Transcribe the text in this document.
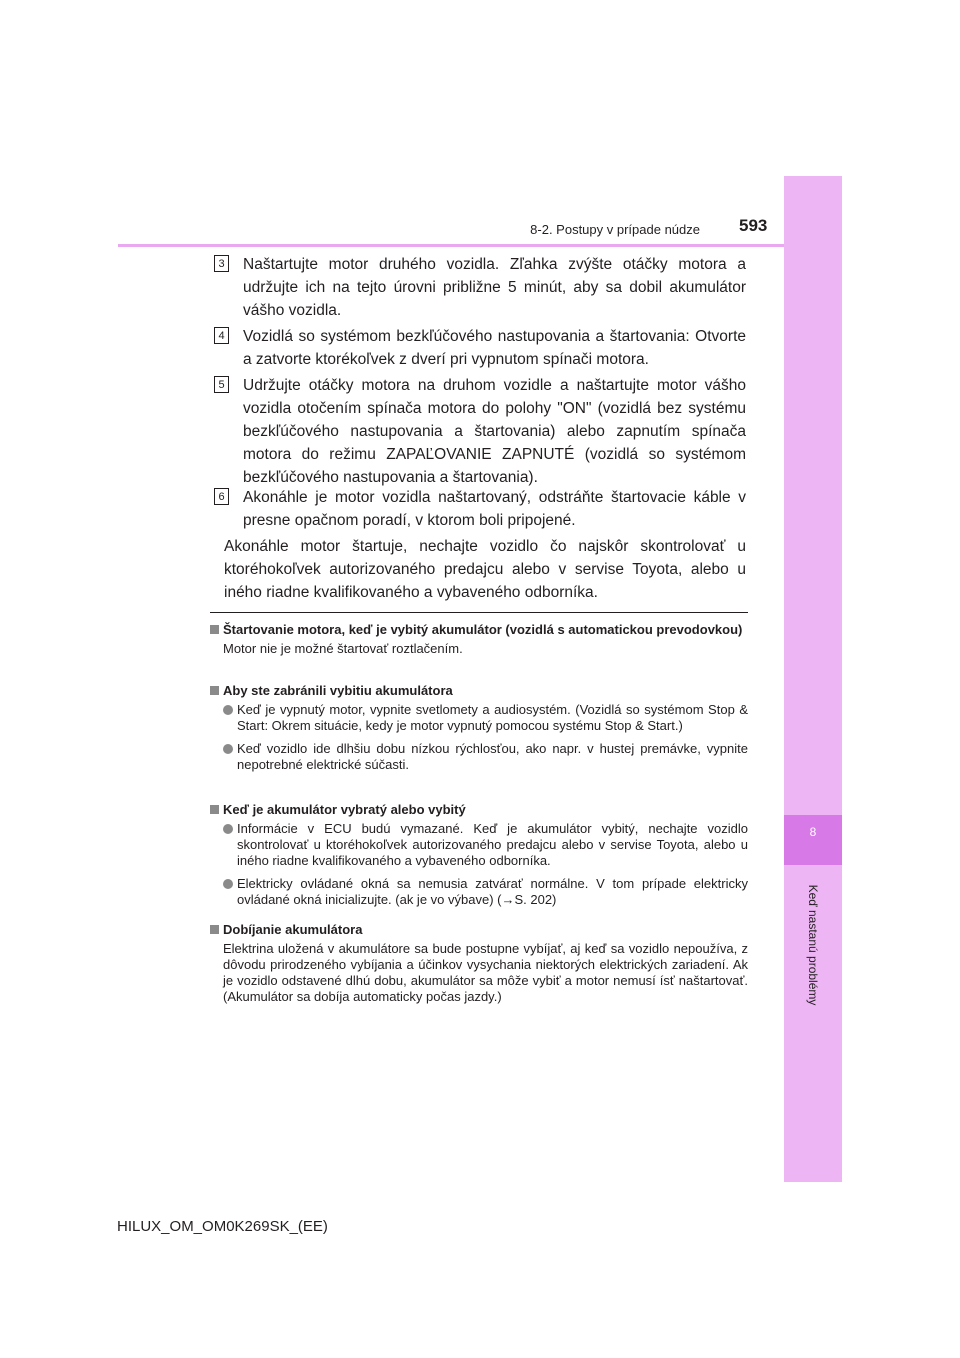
8
Keď nastanú problémy
8-2. Postupy v prípade núdze 593
3 Naštartujte motor druhého vozidla. Zľahka zvýšte otáčky motora a udržujte ich na tejto úrovni približne 5 minút, aby sa dobil akumulátor vášho vozidla.
4 Vozidlá so systémom bezkľúčového nastupovania a štartovania: Otvorte a zatvorte ktorékoľvek z dverí pri vypnutom spínači motora.
5 Udržujte otáčky motora na druhom vozidle a naštartujte motor vášho vozidla otočením spínača motora do polohy "ON" (vozidlá bez systému bezkľúčového nastupovania a štartovania) alebo zapnutím spínača motora do režimu ZAPAĽOVANIE ZAPNUTÉ (vozidlá so systémom bezkľúčového nastupovania a štartovania).
6 Akonáhle je motor vozidla naštartovaný, odstráňte štartovacie káble v presne opačnom poradí, v ktorom boli pripojené.
Akonáhle motor štartuje, nechajte vozidlo čo najskôr skontrolovať u ktoréhokoľvek autorizovaného predajcu alebo v servise Toyota, alebo u iného riadne kvalifikovaného a vybaveného odborníka.
Štartovanie motora, keď je vybitý akumulátor (vozidlá s automatickou prevodovkou)
Motor nie je možné štartovať roztlačením.
Aby ste zabránili vybitiu akumulátora
Keď je vypnutý motor, vypnite svetlomety a audiosystém. (Vozidlá so systémom Stop & Start: Okrem situácie, kedy je motor vypnutý pomocou systému Stop & Start.)
Keď vozidlo ide dlhšiu dobu nízkou rýchlosťou, ako napr. v hustej premávke, vypnite nepotrebné elektrické súčasti.
Keď je akumulátor vybratý alebo vybitý
Informácie v ECU budú vymazané. Keď je akumulátor vybitý, nechajte vozidlo skontrolovať u ktoréhokoľvek autorizovaného predajcu alebo v servise Toyota, alebo u iného riadne kvalifikovaného a vybaveného odborníka.
Elektricky ovládané okná sa nemusia zatvárať normálne. V tom prípade elektricky ovládané okná inicializujte. (ak je vo výbave) (→S. 202)
Dobíjanie akumulátora
Elektrina uložená v akumulátore sa bude postupne vybíjať, aj keď sa vozidlo nepoužíva, z dôvodu prirodzeného vybíjania a účinkov vysychania niektorých elektrických zariadení. Ak je vozidlo odstavené dlhú dobu, akumulátor sa môže vybiť a motor nemusí ísť naštartovať. (Akumulátor sa dobíja automaticky počas jazdy.)
HILUX_OM_OM0K269SK_(EE)
